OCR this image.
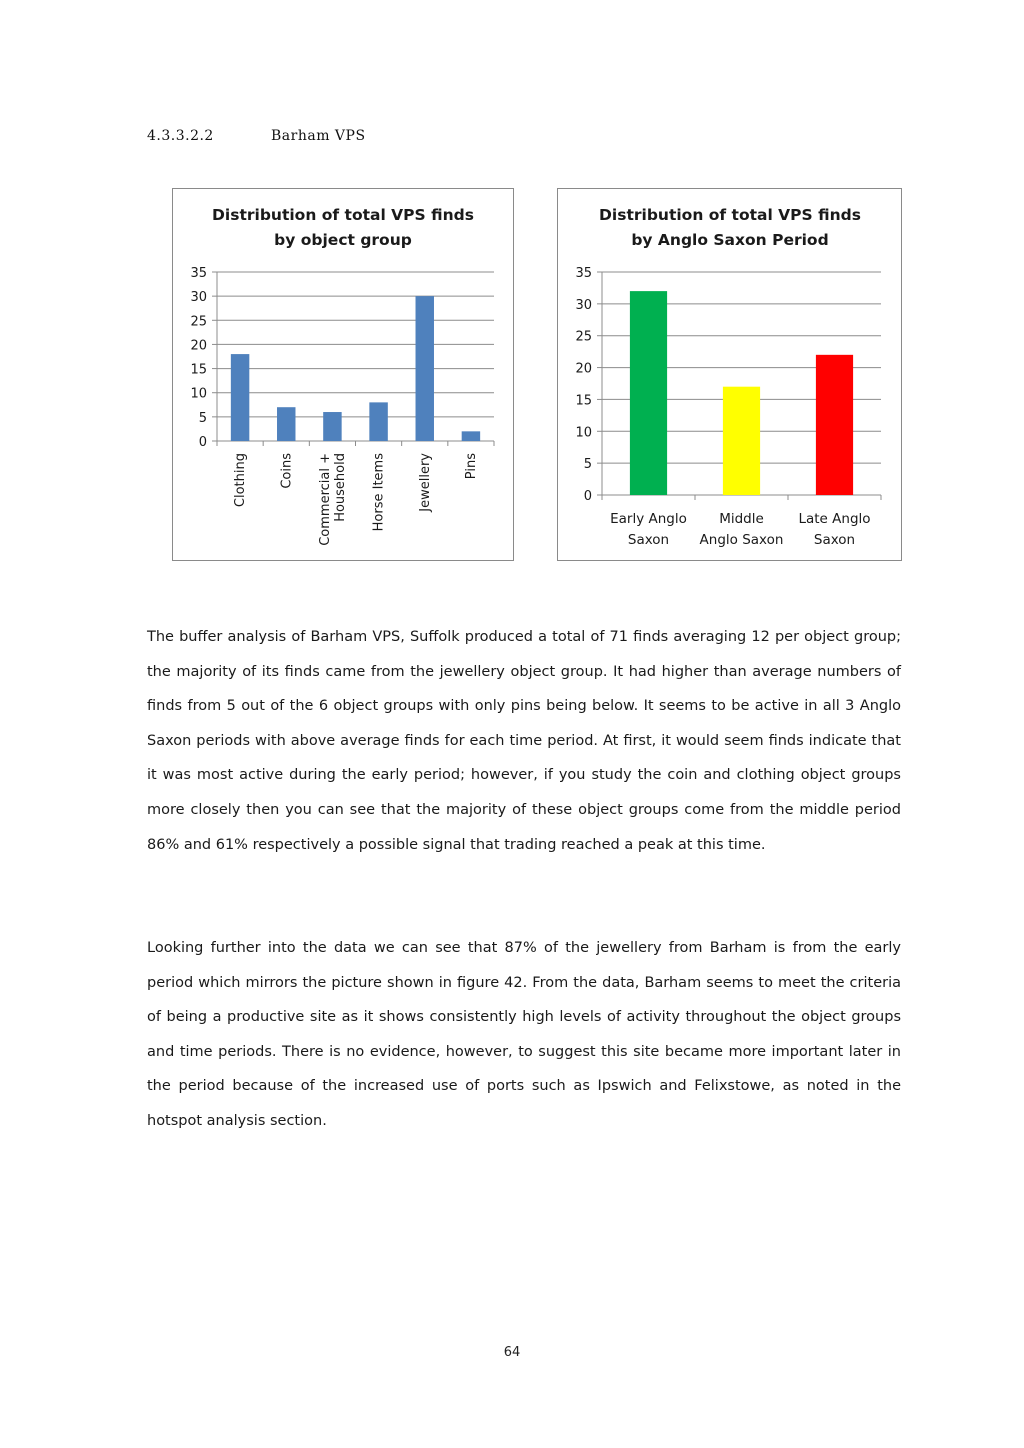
4.3.3.2.2	Barham VPS
Distribution of total VPS finds
by object group
0
5
10
15
20
25
30
35
Clothing Coins Commercial + Household Horse Items Jewellery Pins
Distribution of total VPS finds
by Anglo Saxon Period
0
5
10
15
20
25
30
35
Early Anglo
Saxon
Middle
Anglo Saxon
Late Anglo
Saxon
The buffer analysis of Barham VPS, Suffolk produced a total of 71 finds averaging 12 per object group; the majority of its finds came from the jewellery object group. It had higher than average numbers of finds from 5 out of the 6 object groups with only pins being below. It seems to be active in all 3 Anglo Saxon periods with above average finds for each time period. At first, it would seem finds indicate that it was most active during the early period; however, if you study the coin and clothing object groups more closely then you can see that the majority of these object groups come from the middle period 86% and 61% respectively a possible signal that trading reached a peak at this time.
Looking further into the data we can see that 87% of the jewellery from Barham is from the early period which mirrors the picture shown in figure 42. From the data, Barham seems to meet the criteria of being a productive site as it shows consistently high levels of activity throughout the object groups and time periods. There is no evidence, however, to suggest this site became more important later in the period because of the increased use of ports such as Ipswich and Felixstowe, as noted in the hotspot analysis section.
64
